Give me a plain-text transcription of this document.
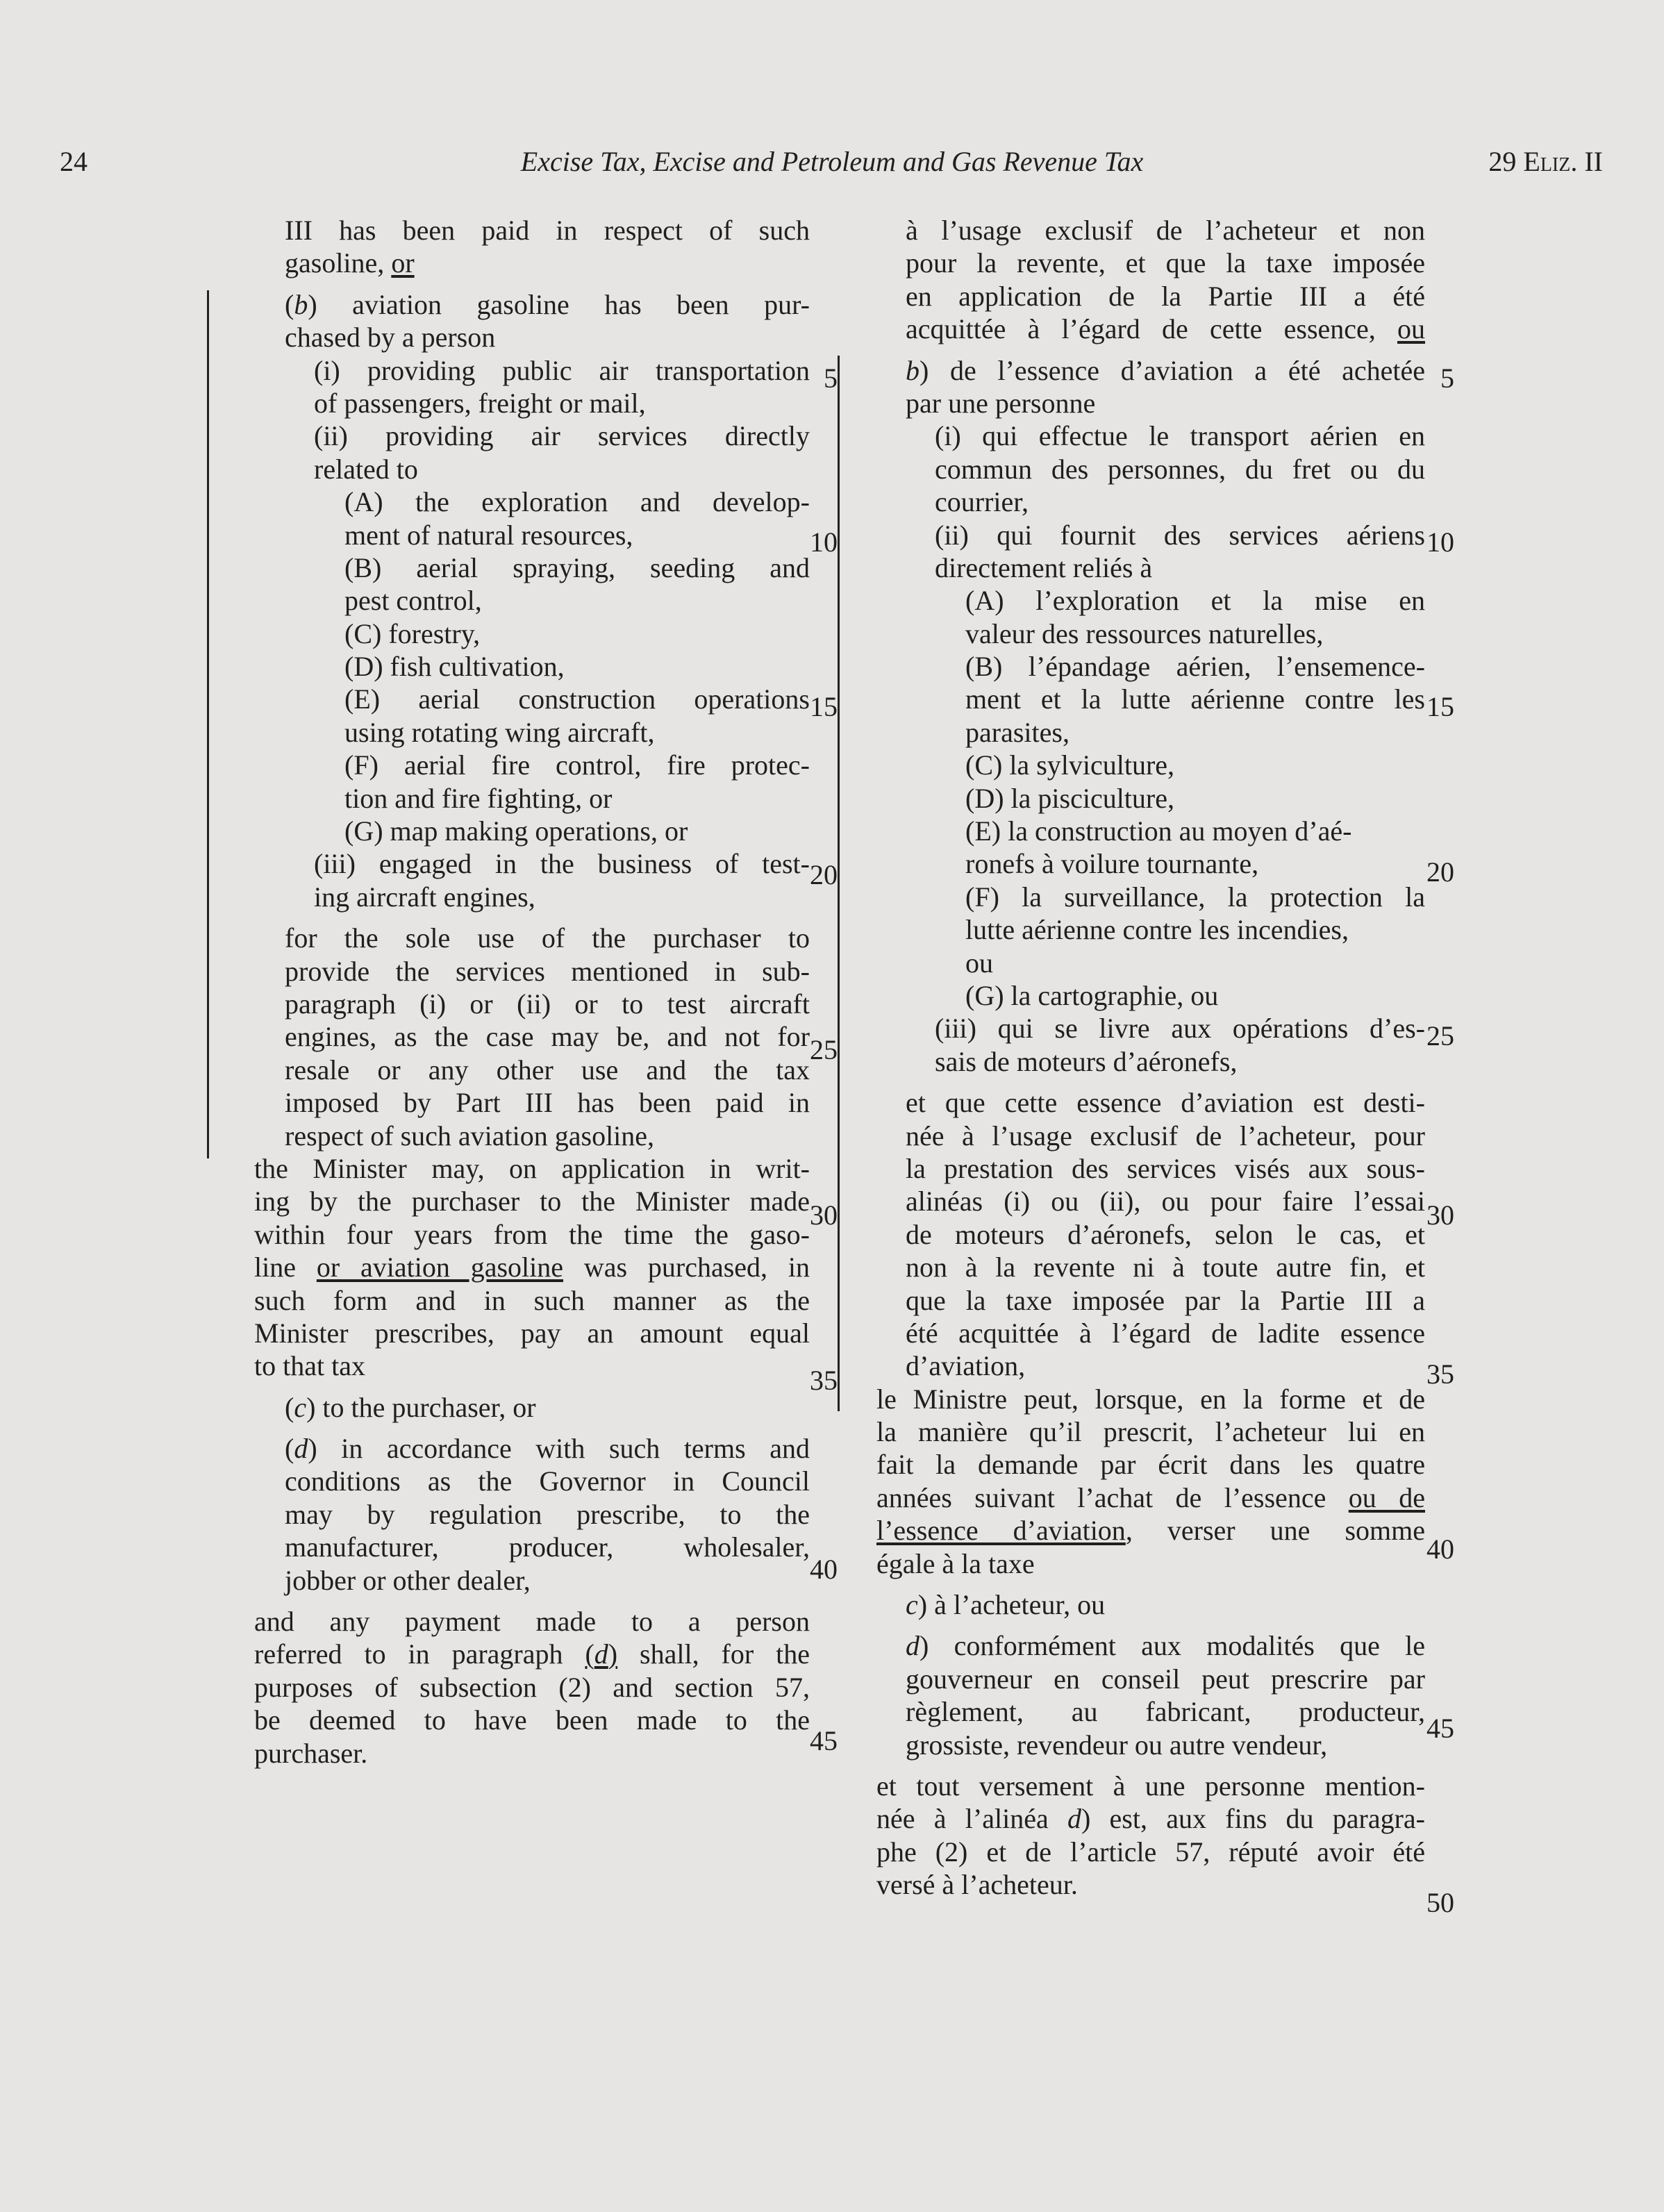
24	Excise Tax, Excise and Petroleum and Gas Revenue Tax	29 Eliz. II
III has been paid in respect of such
gasoline, or
(b) aviation gasoline has been pur-
chased by a person
(i) providing public air transportation
of passengers, freight or mail,
(ii) providing air services directly
related to
(A) the exploration and develop-
ment of natural resources,
(B) aerial spraying, seeding and
pest control,
(C) forestry,
(D) fish cultivation,
(E) aerial construction operations
using rotating wing aircraft,
(F) aerial fire control, fire protec-
tion and fire fighting, or
(G) map making operations, or
(iii) engaged in the business of test-
ing aircraft engines,
for the sole use of the purchaser to
provide the services mentioned in sub-
paragraph (i) or (ii) or to test aircraft
engines, as the case may be, and not for
resale or any other use and the tax
imposed by Part III has been paid in
respect of such aviation gasoline,
the Minister may, on application in writ-
ing by the purchaser to the Minister made
within four years from the time the gaso-
line or aviation gasoline was purchased, in
such form and in such manner as the
Minister prescribes, pay an amount equal
to that tax
(c) to the purchaser, or
(d) in accordance with such terms and
conditions as the Governor in Council
may by regulation prescribe, to the
manufacturer, producer, wholesaler,
jobber or other dealer,
and any payment made to a person
referred to in paragraph (d) shall, for the
purposes of subsection (2) and section 57,
be deemed to have been made to the
purchaser.
5
10
15
20
25
30
35
40
45
à l’usage exclusif de l’acheteur et non
pour la revente, et que la taxe imposée
en application de la Partie III a été
acquittée à l’égard de cette essence, ou
b) de l’essence d’aviation a été achetée
par une personne
(i) qui effectue le transport aérien en
commun des personnes, du fret ou du
courrier,
(ii) qui fournit des services aériens
directement reliés à
(A) l’exploration et la mise en
valeur des ressources naturelles,
(B) l’épandage aérien, l’ensemence-
ment et la lutte aérienne contre les
parasites,
(C) la sylviculture,
(D) la pisciculture,
(E) la construction au moyen d’aé-
ronefs à voilure tournante,
(F) la surveillance, la protection la
lutte aérienne contre les incendies,
ou
(G) la cartographie, ou
(iii) qui se livre aux opérations d’es-
sais de moteurs d’aéronefs,
et que cette essence d’aviation est desti-
née à l’usage exclusif de l’acheteur, pour
la prestation des services visés aux sous-
alinéas (i) ou (ii), ou pour faire l’essai
de moteurs d’aéronefs, selon le cas, et
non à la revente ni à toute autre fin, et
que la taxe imposée par la Partie III a
été acquittée à l’égard de ladite essence
d’aviation,
le Ministre peut, lorsque, en la forme et de
la manière qu’il prescrit, l’acheteur lui en
fait la demande par écrit dans les quatre
années suivant l’achat de l’essence ou de
l’essence d’aviation, verser une somme
égale à la taxe
c) à l’acheteur, ou
d) conformément aux modalités que le
gouverneur en conseil peut prescrire par
règlement, au fabricant, producteur,
grossiste, revendeur ou autre vendeur,
et tout versement à une personne mention-
née à l’alinéa d) est, aux fins du paragra-
phe (2) et de l’article 57, réputé avoir été
versé à l’acheteur.
5
10
15
20
25
30
35
40
45
50
